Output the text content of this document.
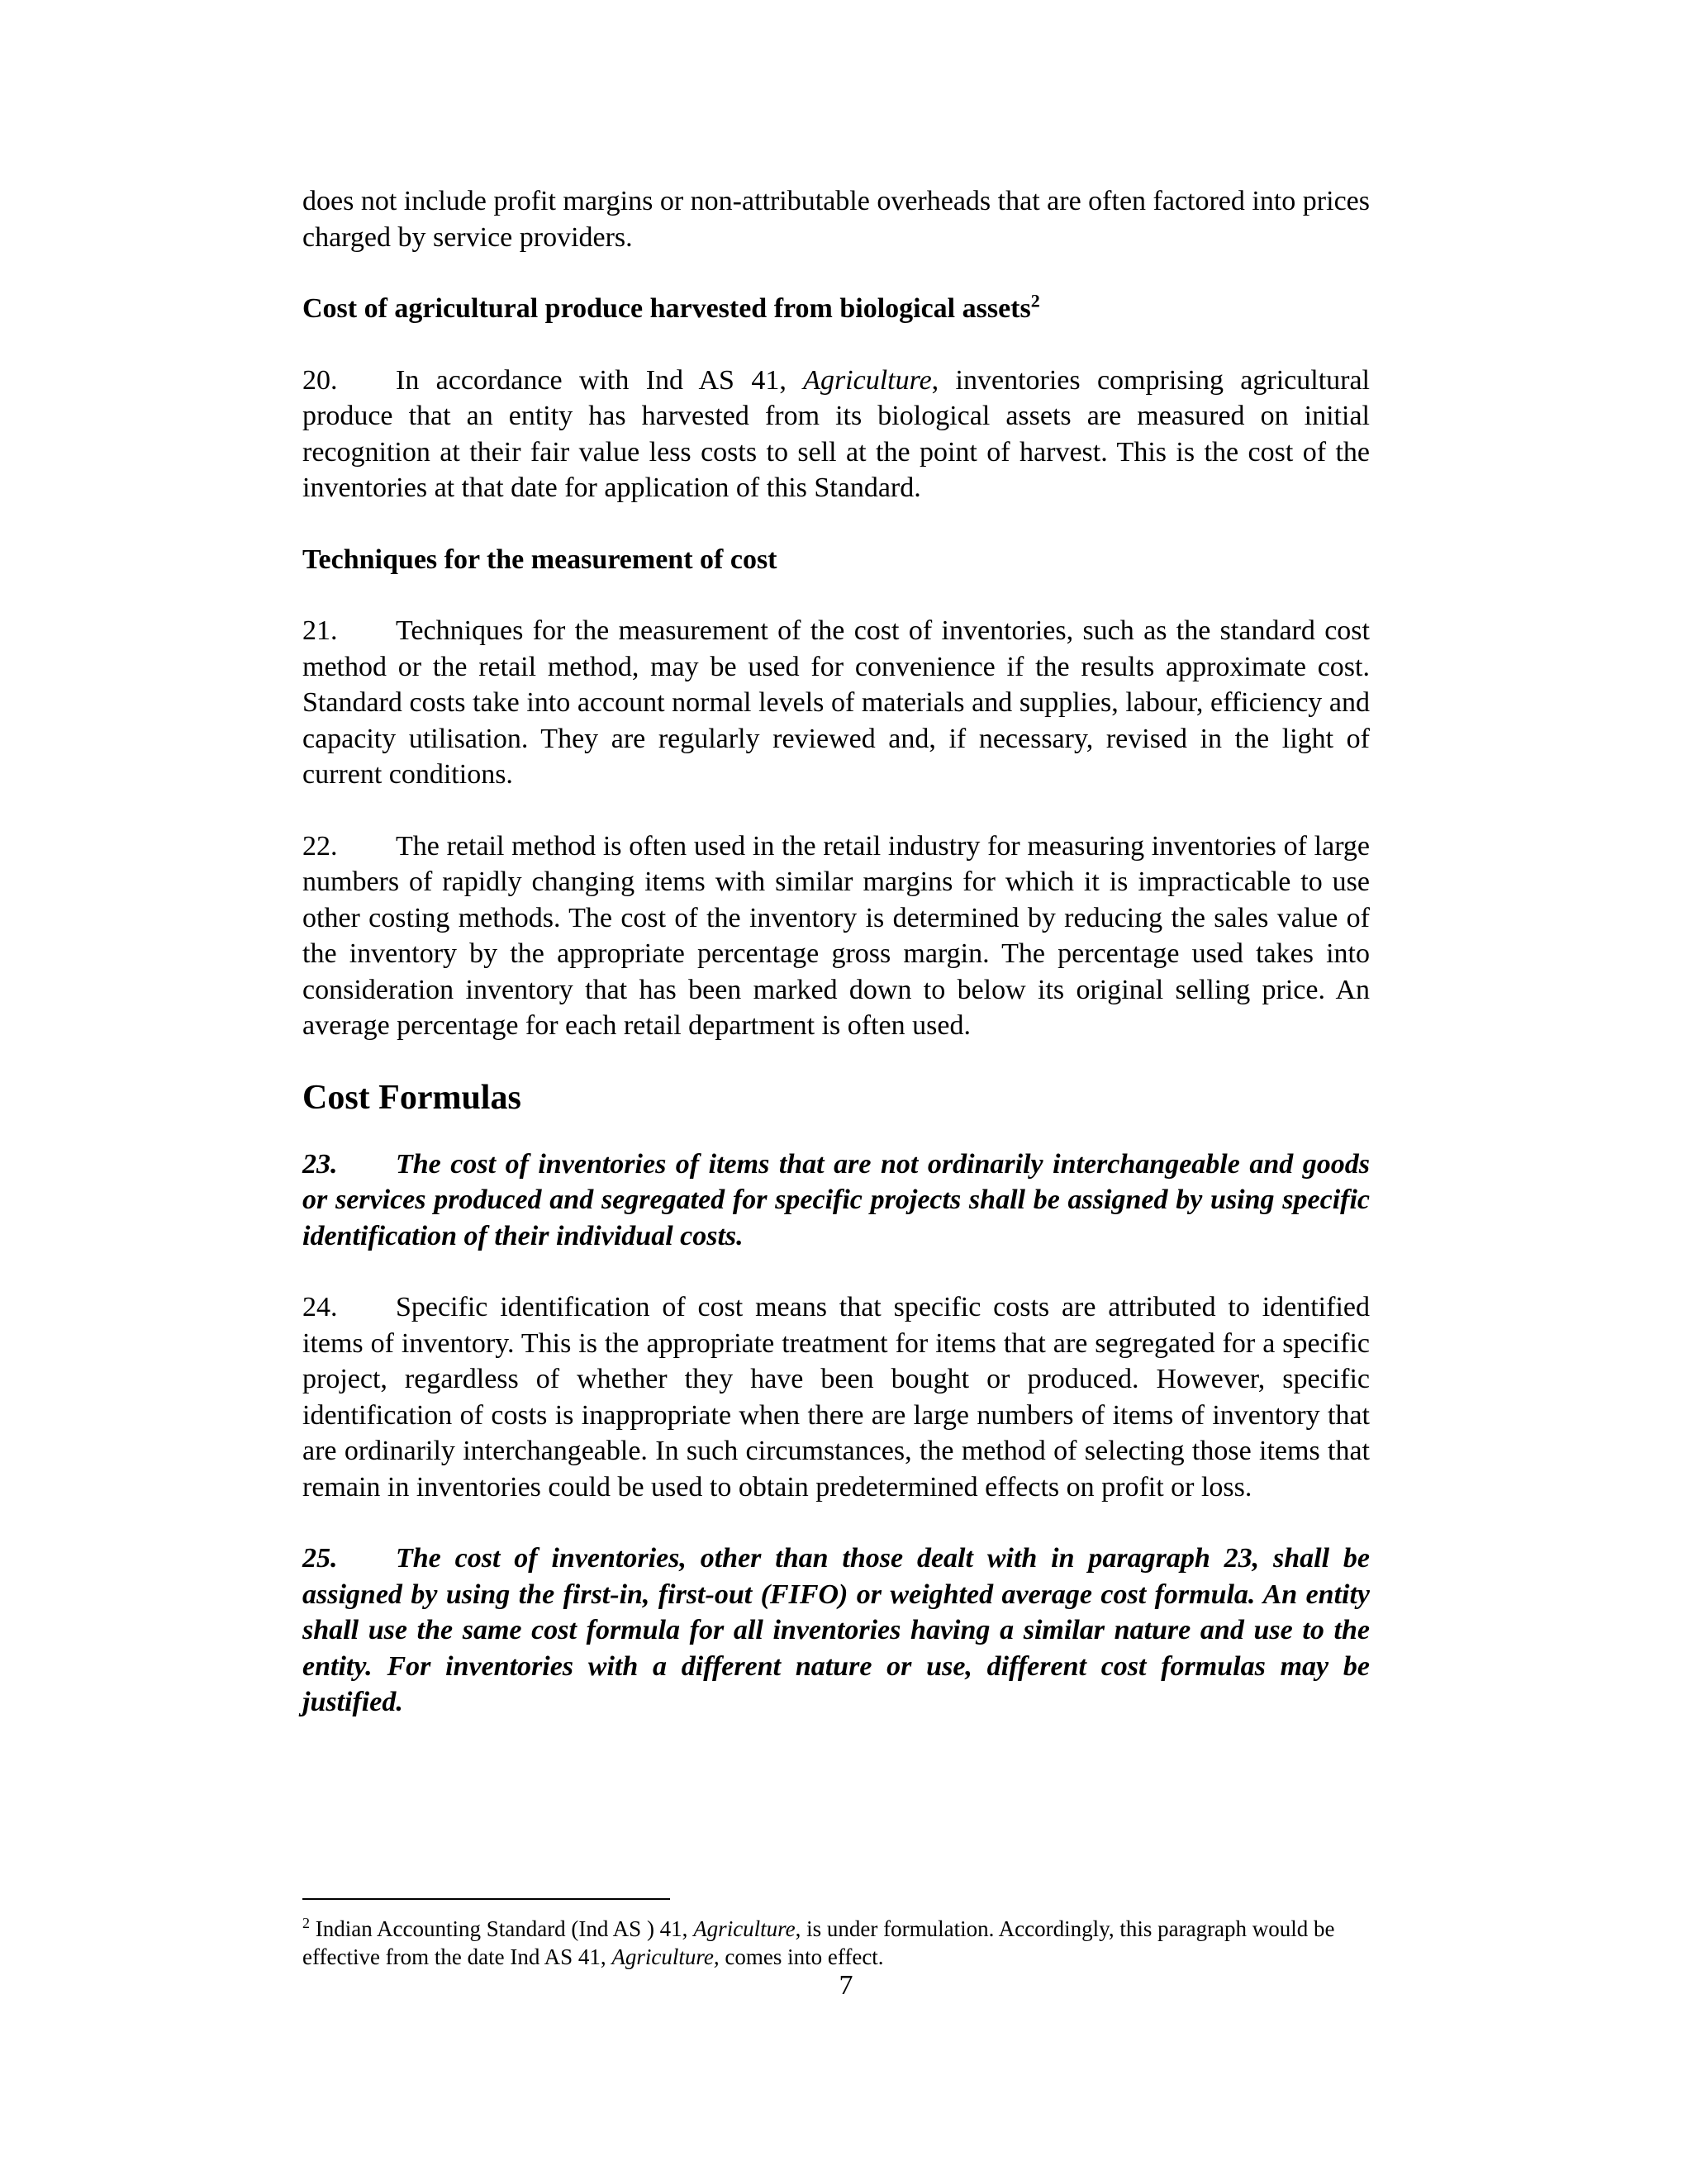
does not include profit margins or non-attributable overheads that are often factored into prices charged by service providers.

Cost of agricultural produce harvested from biological assets$^2$

20. In accordance with Ind AS 41, Agriculture, inventories comprising agricultural produce that an entity has harvested from its biological assets are measured on initial recognition at their fair value less costs to sell at the point of harvest. This is the cost of the inventories at that date for application of this Standard.

Techniques for the measurement of cost

21. Techniques for the measurement of the cost of inventories, such as the standard cost method or the retail method, may be used for convenience if the results approximate cost. Standard costs take into account normal levels of materials and supplies, labour, efficiency and capacity utilisation. They are regularly reviewed and, if necessary, revised in the light of current conditions.

22. The retail method is often used in the retail industry for measuring inventories of large numbers of rapidly changing items with similar margins for which it is impracticable to use other costing methods. The cost of the inventory is determined by reducing the sales value of the inventory by the appropriate percentage gross margin. The percentage used takes into consideration inventory that has been marked down to below its original selling price. An average percentage for each retail department is often used.

Cost Formulas

23. The cost of inventories of items that are not ordinarily interchangeable and goods or services produced and segregated for specific projects shall be assigned by using specific identification of their individual costs.

24. Specific identification of cost means that specific costs are attributed to identified items of inventory. This is the appropriate treatment for items that are segregated for a specific project, regardless of whether they have been bought or produced. However, specific identification of costs is inappropriate when there are large numbers of items of inventory that are ordinarily interchangeable. In such circumstances, the method of selecting those items that remain in inventories could be used to obtain predetermined effects on profit or loss.

25. The cost of inventories, other than those dealt with in paragraph 23, shall be assigned by using the first-in, first-out (FIFO) or weighted average cost formula. An entity shall use the same cost formula for all inventories having a similar nature and use to the entity. For inventories with a different nature or use, different cost formulas may be justified.

$^2$ Indian Accounting Standard (Ind AS ) 41, Agriculture, is under formulation. Accordingly, this paragraph would be effective from the date Ind AS 41, Agriculture, comes into effect.

7
